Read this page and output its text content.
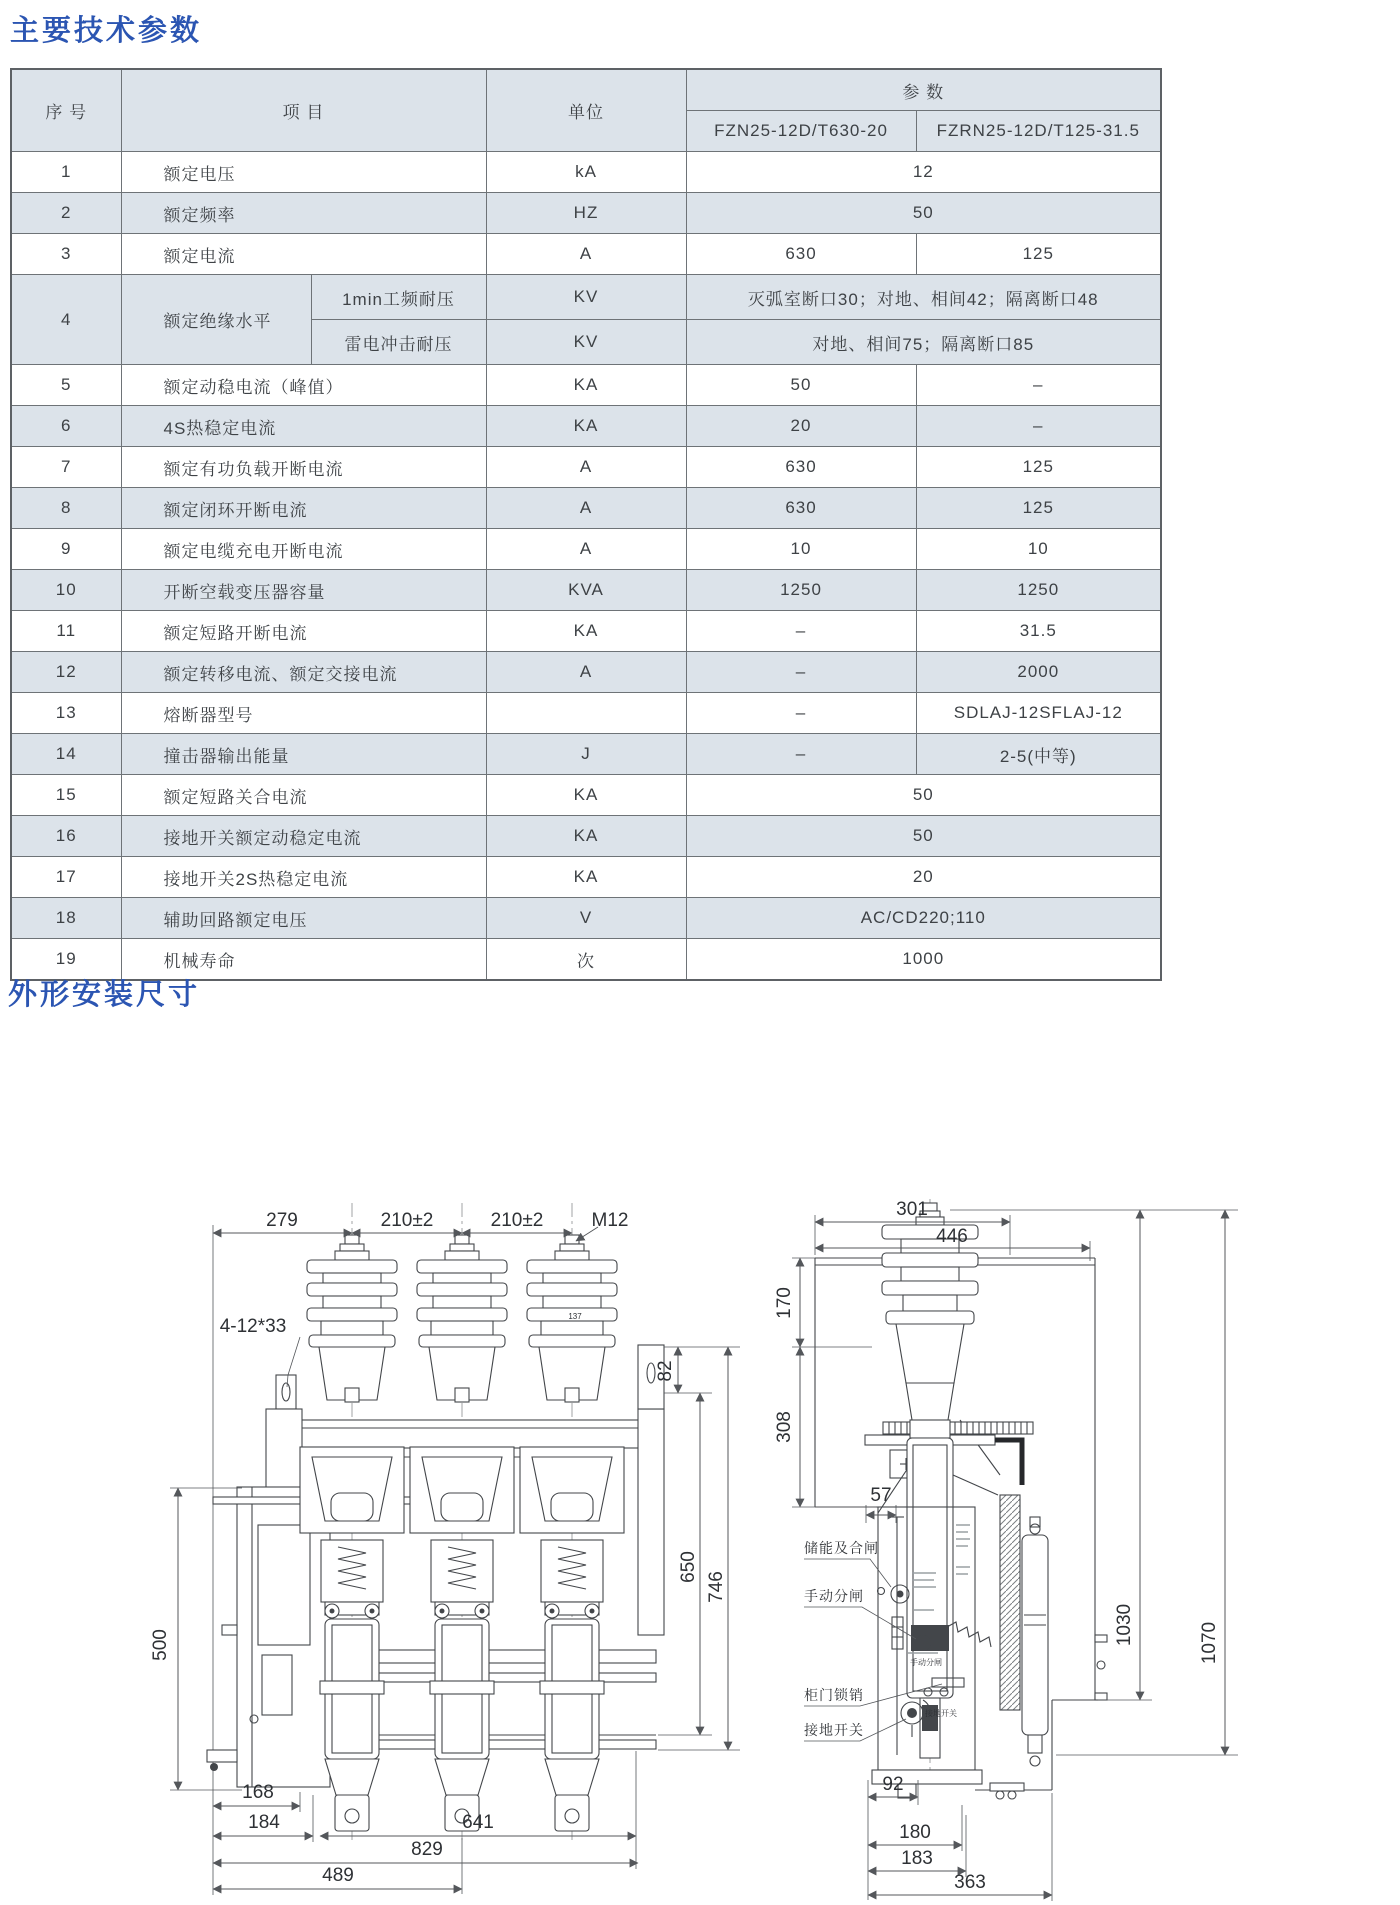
主要技术参数
序 号	项 目		单位	参 数	
				FZN25-12D/T630-20	FZRN25-12D/T125-31.5
1	额定电压		kA	12	
2	额定频率		HZ	50	
3	额定电流		A	630	125
4	额定绝缘水平	1min工频耐压	KV	灭弧室断口30；对地、相间42；隔离断口48	
		雷电冲击耐压	KV	对地、相间75；隔离断口85	
5	额定动稳电流（峰值）		KA	50	–
6	4S热稳定电流		KA	20	–
7	额定有功负载开断电流		A	630	125
8	额定闭环开断电流		A	630	125
9	额定电缆充电开断电流		A	10	10
10	开断空载变压器容量		KVA	1250	1250
11	额定短路开断电流		KA	–	31.5
12	额定转移电流、额定交接电流		A	–	2000
13	熔断器型号			–	SDLAJ-12SFLAJ-12
14	撞击器输出能量		J	–	2-5(中等)
15	额定短路关合电流		KA	50	
16	接地开关额定动稳定电流		KA	50	
17	接地开关2S热稳定电流		KA	20	
18	辅助回路额定电压		V	AC/CD220;110	
19	机械寿命		次	1000	
外形安装尺寸
137
279	210±2	210±2	M12
4-12*33
500
82
650
746
168
184	641
829
489
手动分闸
接地开关
301
446
170
308
57
1030	1070
储能及合闸
手动分闸
柜门锁销
接地开关
92
180
183
363
